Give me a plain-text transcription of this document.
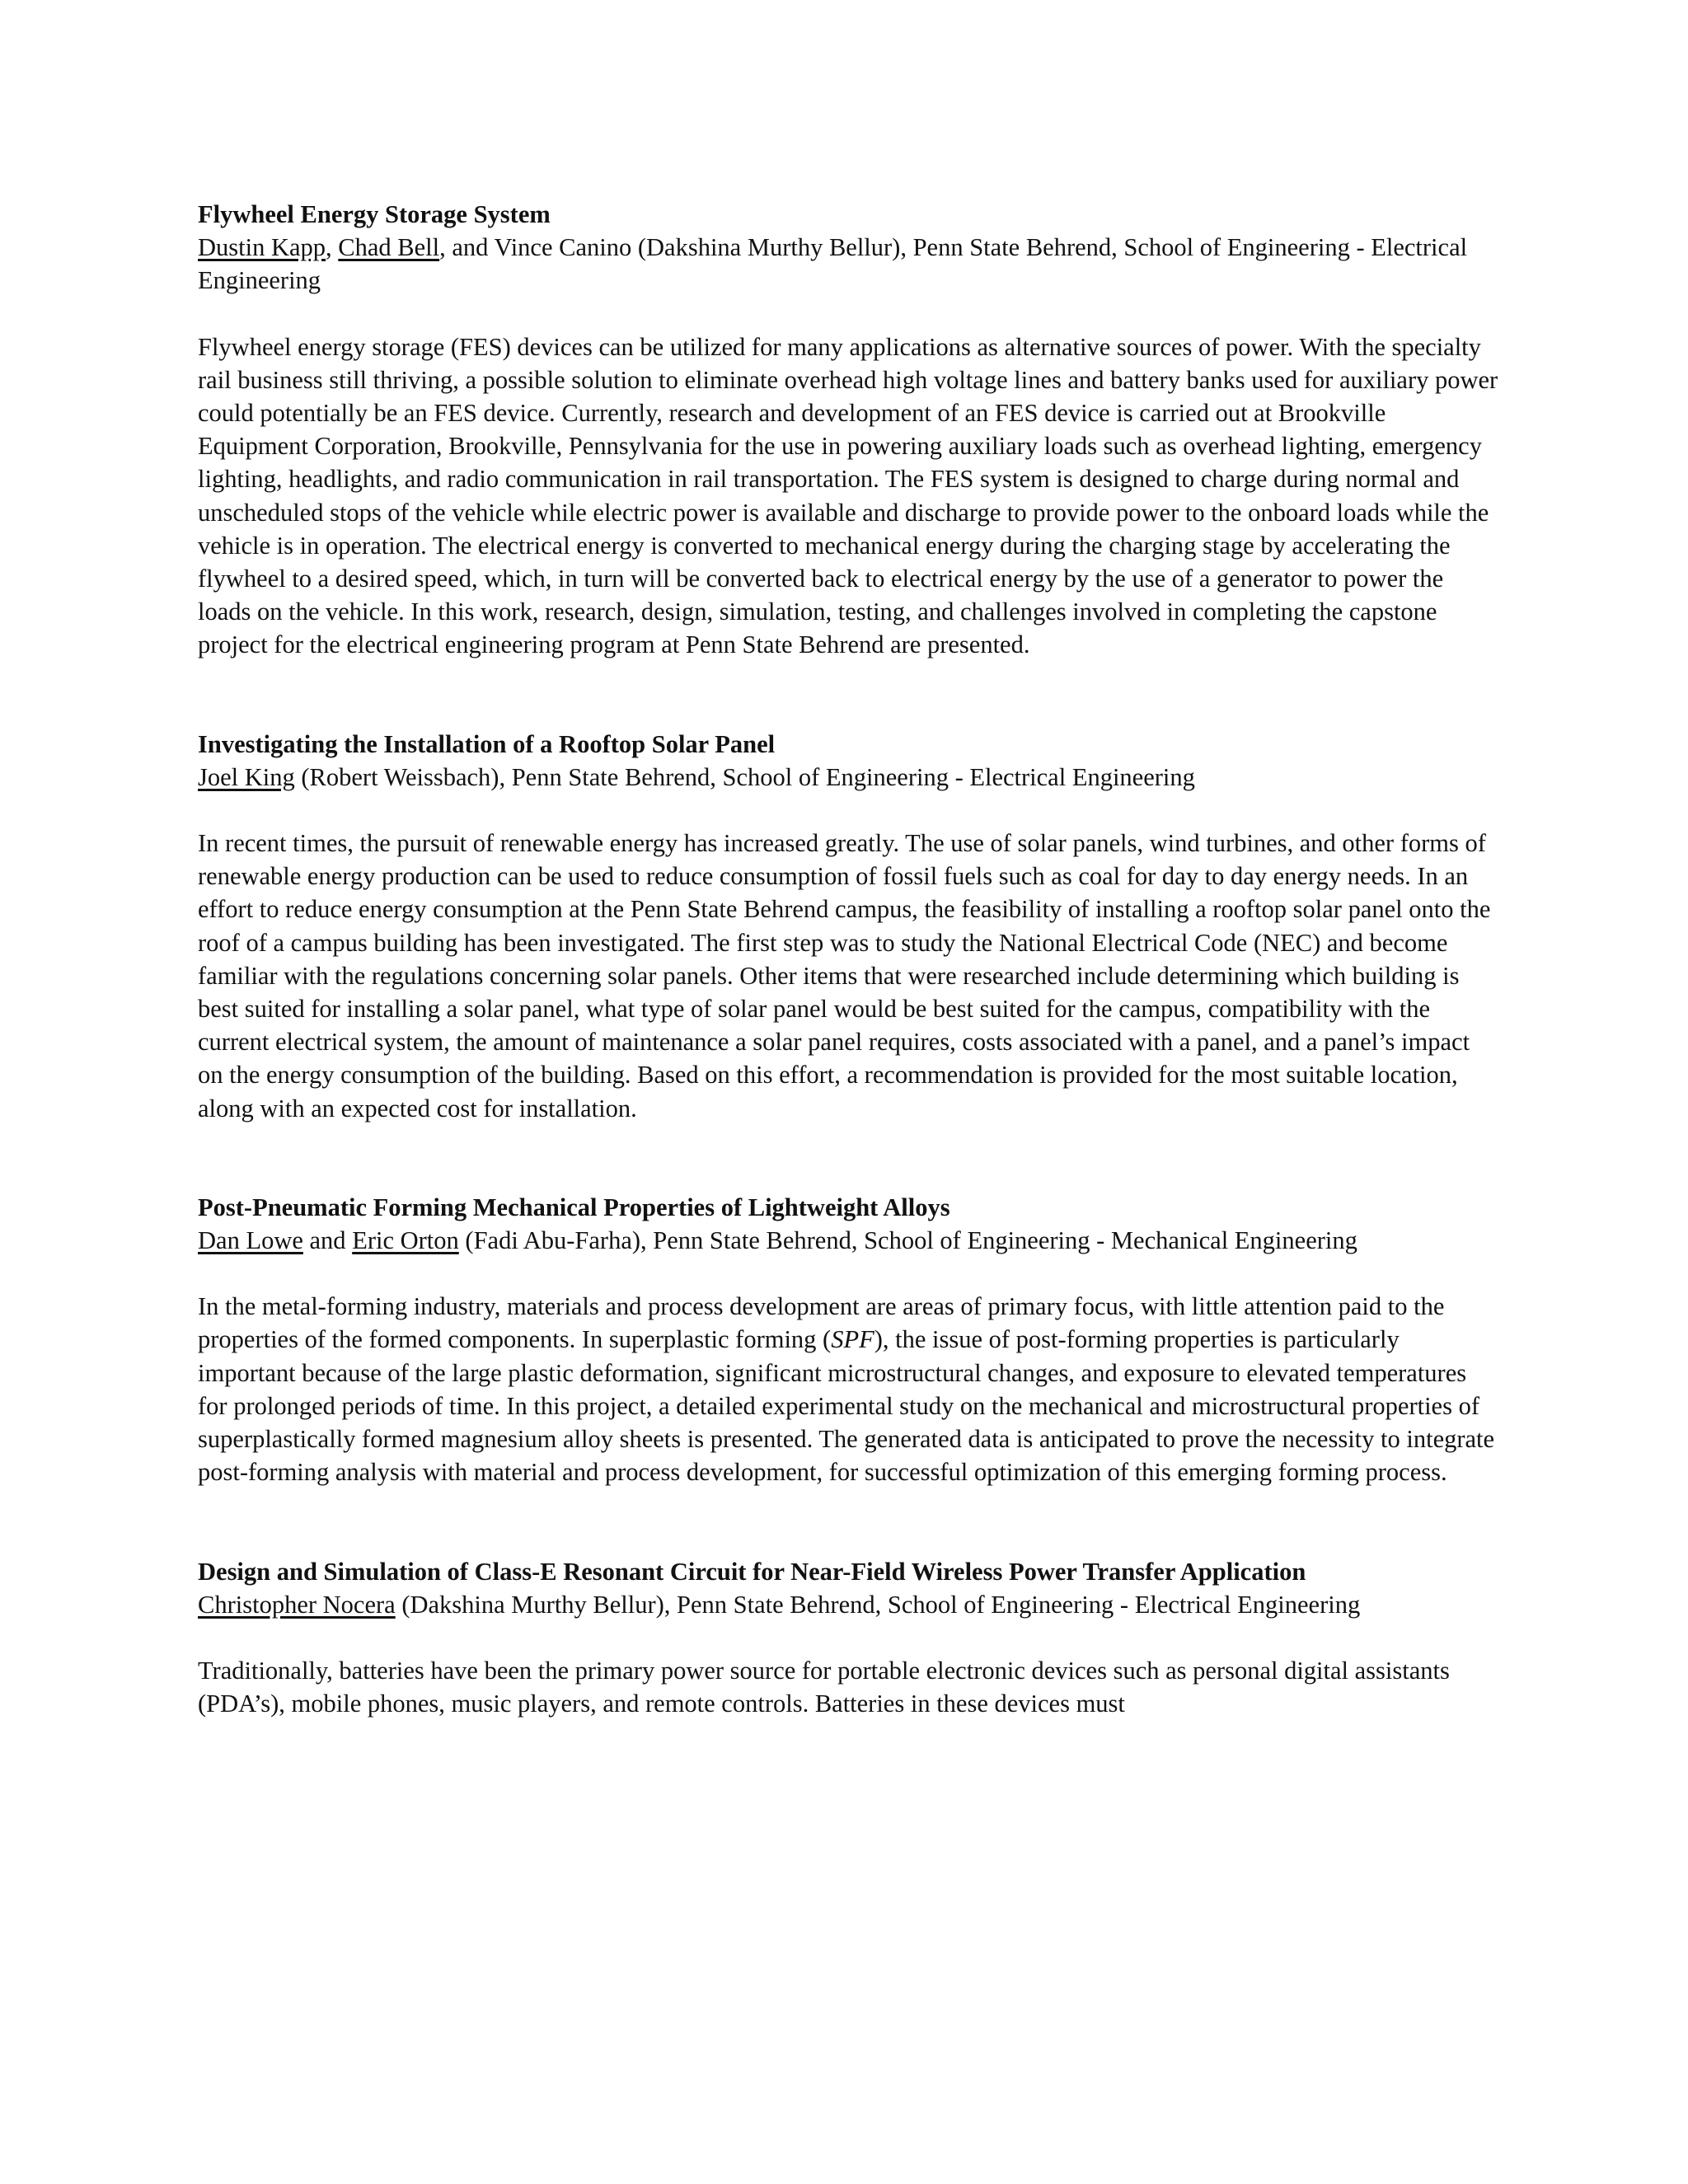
Flywheel Energy Storage System

Dustin Kapp, Chad Bell, and Vince Canino (Dakshina Murthy Bellur), Penn State Behrend, School of Engineering - Electrical Engineering

Flywheel energy storage (FES) devices can be utilized for many applications as alternative sources of power. With the specialty rail business still thriving, a possible solution to eliminate overhead high voltage lines and battery banks used for auxiliary power could potentially be an FES device. Currently, research and development of an FES device is carried out at Brookville Equipment Corporation, Brookville, Pennsylvania for the use in powering auxiliary loads such as overhead lighting, emergency lighting, headlights, and radio communication in rail transportation. The FES system is designed to charge during normal and unscheduled stops of the vehicle while electric power is available and discharge to provide power to the onboard loads while the vehicle is in operation. The electrical energy is converted to mechanical energy during the charging stage by accelerating the flywheel to a desired speed, which, in turn will be converted back to electrical energy by the use of a generator to power the loads on the vehicle. In this work, research, design, simulation, testing, and challenges involved in completing the capstone project for the electrical engineering program at Penn State Behrend are presented.

Investigating the Installation of a Rooftop Solar Panel

Joel King (Robert Weissbach), Penn State Behrend, School of Engineering - Electrical Engineering

In recent times, the pursuit of renewable energy has increased greatly. The use of solar panels, wind turbines, and other forms of renewable energy production can be used to reduce consumption of fossil fuels such as coal for day to day energy needs. In an effort to reduce energy consumption at the Penn State Behrend campus, the feasibility of installing a rooftop solar panel onto the roof of a campus building has been investigated. The first step was to study the National Electrical Code (NEC) and become familiar with the regulations concerning solar panels. Other items that were researched include determining which building is best suited for installing a solar panel, what type of solar panel would be best suited for the campus, compatibility with the current electrical system, the amount of maintenance a solar panel requires, costs associated with a panel, and a panel’s impact on the energy consumption of the building. Based on this effort, a recommendation is provided for the most suitable location, along with an expected cost for installation.

Post-Pneumatic Forming Mechanical Properties of Lightweight Alloys

Dan Lowe and Eric Orton (Fadi Abu-Farha), Penn State Behrend, School of Engineering - Mechanical Engineering

In the metal-forming industry, materials and process development are areas of primary focus, with little attention paid to the properties of the formed components. In superplastic forming (SPF), the issue of post-forming properties is particularly important because of the large plastic deformation, significant microstructural changes, and exposure to elevated temperatures for prolonged periods of time. In this project, a detailed experimental study on the mechanical and microstructural properties of superplastically formed magnesium alloy sheets is presented. The generated data is anticipated to prove the necessity to integrate post-forming analysis with material and process development, for successful optimization of this emerging forming process.

Design and Simulation of Class-E Resonant Circuit for Near-Field Wireless Power Transfer Application

Christopher Nocera (Dakshina Murthy Bellur), Penn State Behrend, School of Engineering - Electrical Engineering

Traditionally, batteries have been the primary power source for portable electronic devices such as personal digital assistants (PDA’s), mobile phones, music players, and remote controls. Batteries in these devices must
